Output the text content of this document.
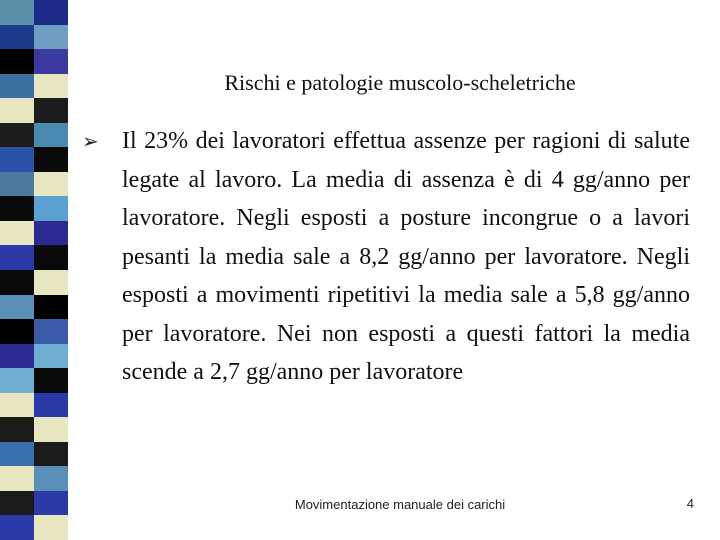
Rischi e patologie muscolo-scheletriche
➢ Il 23% dei lavoratori effettua assenze per ragioni di salute legate al lavoro. La media di assenza è di 4 gg/anno per lavoratore. Negli esposti a posture incongrue o a lavori pesanti la media sale a 8,2 gg/anno per lavoratore. Negli esposti a movimenti ripetitivi la media sale a 5,8 gg/anno per lavoratore. Nei non esposti a questi fattori la media scende a 2,7 gg/anno per lavoratore
Movimentazione manuale dei carichi	4
